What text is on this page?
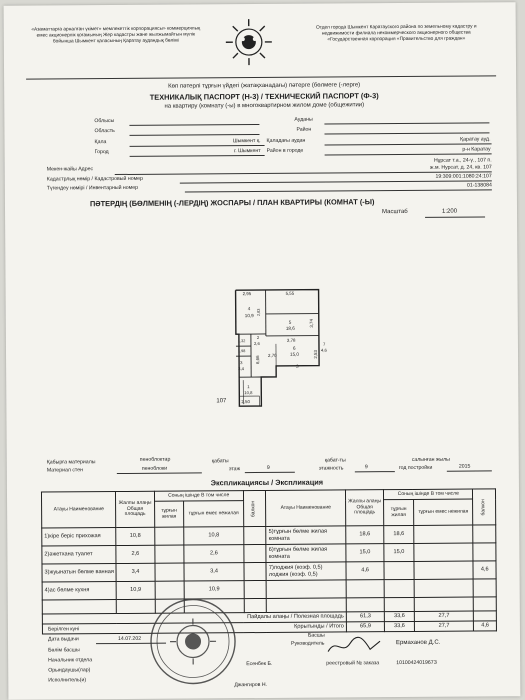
«Азаматтарға арналған үкімет» мемлекеттік корпорациясы» коммерциялық емес акционерлік қоғамының Жер кадастры және жылжымайтын мүлік бойынша Шымкент қаласының Қаратау аудандық бөлімі
Отдел города Шымкент Каратауского района по земельному кадастру и недвижимости филиала некоммерческого акционерного общества «Государственная корпорация «Правительство для граждан»
Көп пәтерлі тұрғын үйдегі (жатақханадағы) пәтерге (бөлмеге (-лерге)
ТЕХНИКАЛЫҚ ПАСПОРТ (Н-3) / ТЕХНИЧЕСКИЙ ПАСПОРТ (Ф-3)
на квартиру (комнату (-ы) в многоквартирном жилом доме (общежитии)
Облысы	Ауданы
Область	Район
Қала	Шымкент қ. Қаладағы аудан	Қаратау ауд.
Город	г. Шымкент Район в городе	р-н Каратау
Нұрсат т.а., 24-ү., 107 п.
Мекен-жайы Адрес	ж.м. Нурсат, д. 24, кв. 107
Кадастрлық нөмір / Кадастровый номер	19:309:001:1080:24:107
Түгендеу нөмірі / Инвентарный номер	01-138084
ПӘТЕРДІҢ (БӨЛМЕНІҢ (-ЛЕРДІҢ) ЖОСПАРЫ / ПЛАН КВАРТИРЫ (КОМНАТ (-Ы)
Масштаб	1:200
2,95	5,55
3,74
3,78
2,70	2,53
6,66
2,50
1,32
1,98
2,83
3
4
10,9
5
18,6
6
15,0
3
3,4
2
2,6
1
10,8
7
4,6
107
Қабырға материалы
Материал стен
пеноблоктар
пеноблоки
қабаты
этаж	9
қабат-ты
этажность	9
салынған жылы
год постройки	2015
Экспликациясы / Экспликация
Атауы Наименование	Жалпы алаңы Общая площадь	Соның ішінде В том числе		балкон	Атауы Наименование	Жалпы алаңы Общая площадь	Соның ішінде В том числе		балкон
		тұрғын жилая	тұрғын емес нежилая				тұрғын жилая	тұрғын емес нежилая	
1)кіре беріс прихожая	10,8		10,8		5)тұрғын бөлме жилая комната	18,6	18,6		
2)әжетхана туалет	2,6		2,6		6)тұрғын бөлме жилая комната	15,0	15,0		
3)жуынатын бөлме ванная	3,4		3,4		7)лоджия (коэф. 0,5) лоджия (коэф. 0,5)	4,6			4,6
4)ас бөлме кухня	10,9		10,9						

Пайдалы алаңы / Полезная площадь						61,3	33,6	27,7	
Қорытынды / Итого						65,9	33,6	27,7	4,6
Берілген күні
Дата выдачи	14.07.202
Басшы
Руководитель	Ермаханов Д.С.
Бөлім басшы
Начальник отдела
Орындаушы(лар)
Исполнитель(и)
Есенбек Б.	реестровый № заказа	1010042401967З
Джангиров Н.
